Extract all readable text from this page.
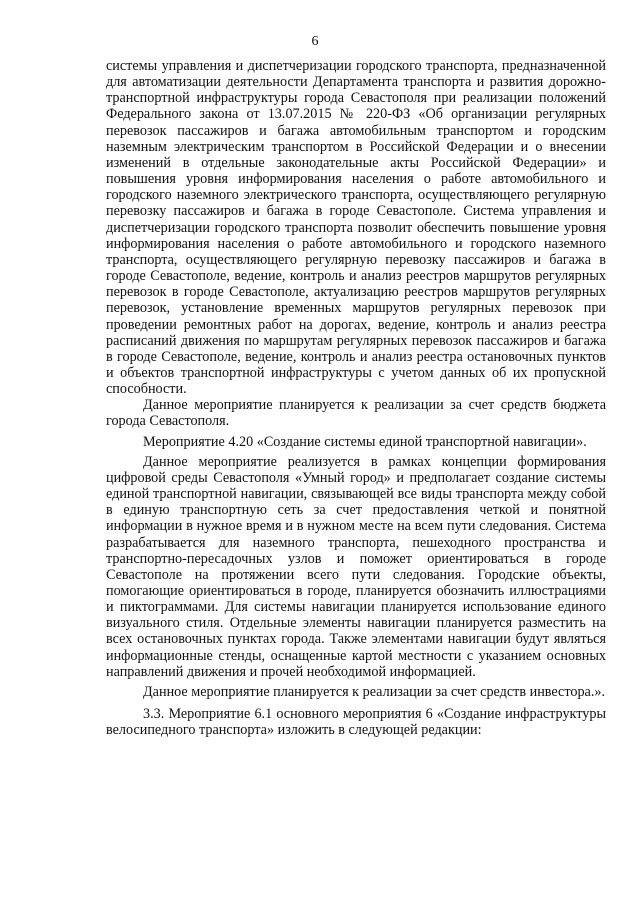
6

системы управления и диспетчеризации городского транспорта, предназначенной для автоматизации деятельности Департамента транспорта и развития дорожно-транспортной инфраструктуры города Севастополя при реализации положений Федерального закона от 13.07.2015 № 220-ФЗ «Об организации регулярных перевозок пассажиров и багажа автомобильным транспортом и городским наземным электрическим транспортом в Российской Федерации и о внесении изменений в отдельные законодательные акты Российской Федерации» и повышения уровня информирования населения о работе автомобильного и городского наземного электрического транспорта, осуществляющего регулярную перевозку пассажиров и багажа в городе Севастополе. Система управления и диспетчеризации городского транспорта позволит обеспечить повышение уровня информирования населения о работе автомобильного и городского наземного транспорта, осуществляющего регулярную перевозку пассажиров и багажа в городе Севастополе, ведение, контроль и анализ реестров маршрутов регулярных перевозок в городе Севастополе, актуализацию реестров маршрутов регулярных перевозок, установление временных маршрутов регулярных перевозок при проведении ремонтных работ на дорогах, ведение, контроль и анализ реестра расписаний движения по маршрутам регулярных перевозок пассажиров и багажа в городе Севастополе, ведение, контроль и анализ реестра остановочных пунктов и объектов транспортной инфраструктуры с учетом данных об их пропускной способности.

Данное мероприятие планируется к реализации за счет средств бюджета города Севастополя.

Мероприятие 4.20 «Создание системы единой транспортной навигации».

Данное мероприятие реализуется в рамках концепции формирования цифровой среды Севастополя «Умный город» и предполагает создание системы единой транспортной навигации, связывающей все виды транспорта между собой в единую транспортную сеть за счет предоставления четкой и понятной информации в нужное время и в нужном месте на всем пути следования. Система разрабатывается для наземного транспорта, пешеходного пространства и транспортно-пересадочных узлов и поможет ориентироваться в городе Севастополе на протяжении всего пути следования. Городские объекты, помогающие ориентироваться в городе, планируется обозначить иллюстрациями и пиктограммами. Для системы навигации планируется использование единого визуального стиля. Отдельные элементы навигации планируется разместить на всех остановочных пунктах города. Также элементами навигации будут являться информационные стенды, оснащенные картой местности с указанием основных направлений движения и прочей необходимой информацией.

Данное мероприятие планируется к реализации за счет средств инвестора.».

3.3. Мероприятие 6.1 основного мероприятия 6 «Создание инфраструктуры велосипедного транспорта» изложить в следующей редакции:
